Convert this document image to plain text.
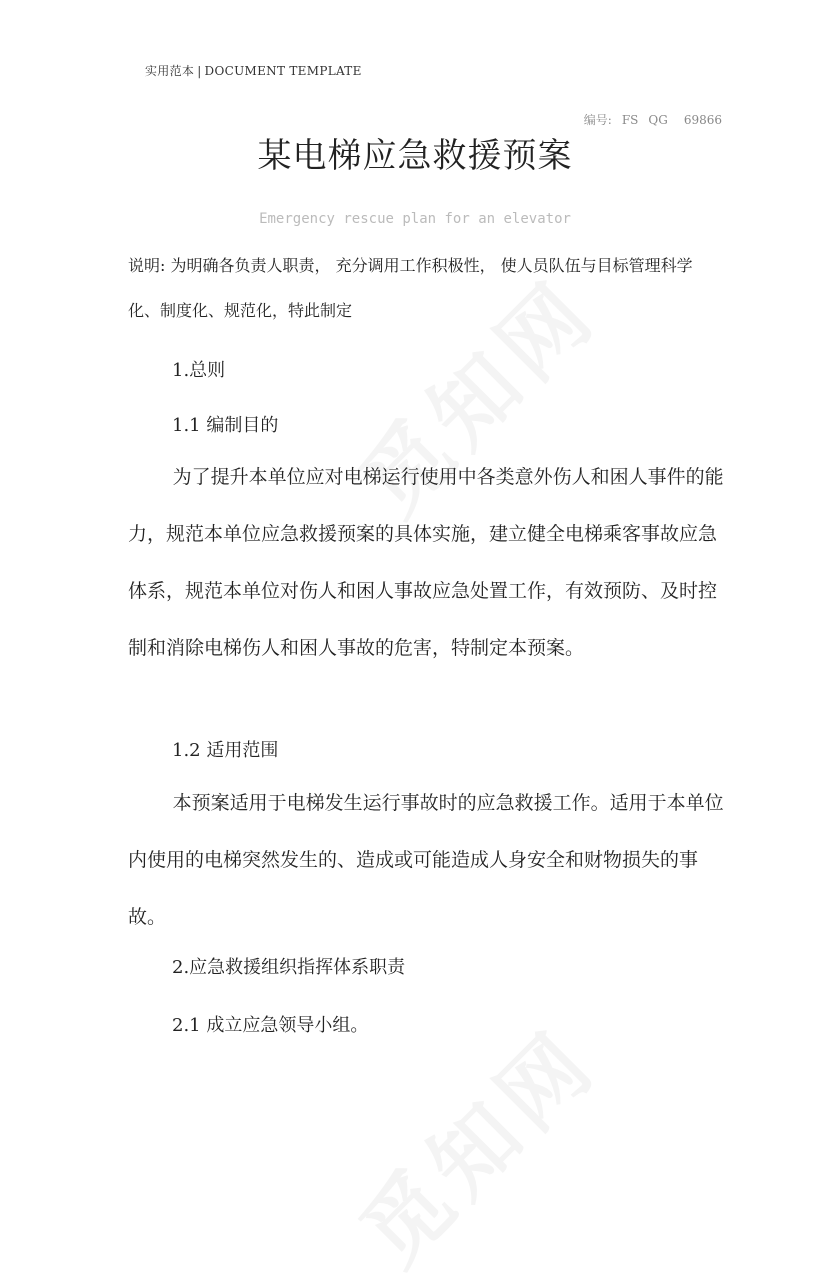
实用范本 | DOCUMENT TEMPLATE
编号: FS QG 69866
某电梯应急救援预案
Emergency rescue plan for an elevator
说明: 为明确各负责人职责， 充分调用工作积极性， 使人员队伍与目标管理科学化、制度化、规范化，特此制定
1.总则
1.1 编制目的
为了提升本单位应对电梯运行使用中各类意外伤人和困人事件的能力，规范本单位应急救援预案的具体实施，建立健全电梯乘客事故应急体系，规范本单位对伤人和困人事故应急处置工作，有效预防、及时控制和消除电梯伤人和困人事故的危害，特制定本预案。
1.2 适用范围
本预案适用于电梯发生运行事故时的应急救援工作。适用于本单位内使用的电梯突然发生的、造成或可能造成人身安全和财物损失的事故。
2.应急救援组织指挥体系职责
2.1 成立应急领导小组。
